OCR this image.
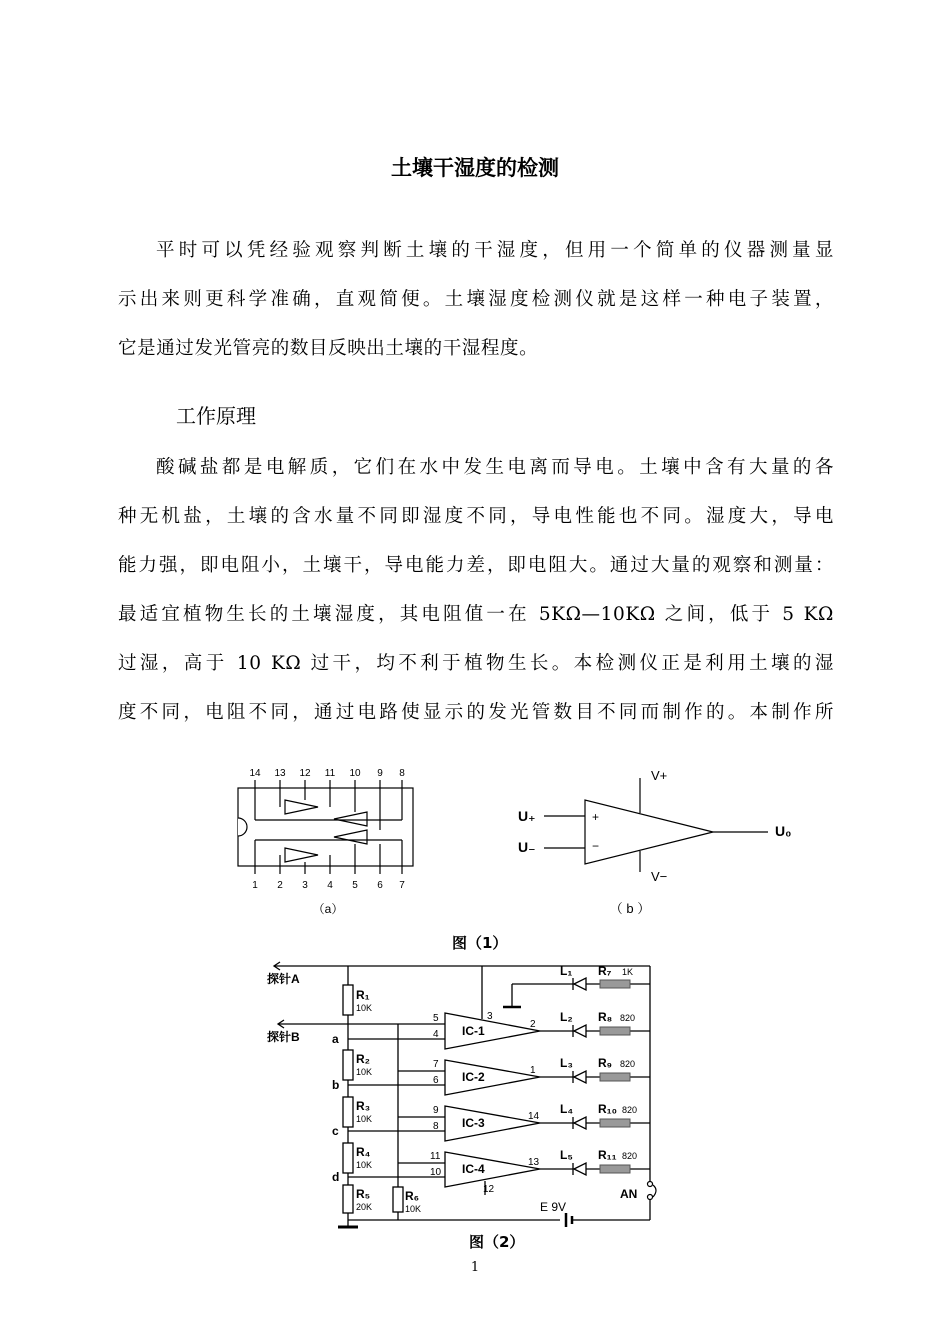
土壤干湿度的检测

平时可以凭经验观察判断土壤的干湿度，但用一个简单的仪器测量显

示出来则更科学准确，直观简便。土壤湿度检测仪就是这样一种电子装置，

它是通过发光管亮的数目反映出土壤的干湿程度。

工作原理

酸碱盐都是电解质，它们在水中发生电离而导电。土壤中含有大量的各

种无机盐，土壤的含水量不同即湿度不同，导电性能也不同。湿度大，导电

能力强，即电阻小，土壤干，导电能力差，即电阻大。通过大量的观察和测量：

最适宜植物生长的土壤湿度，其电阻值一在 5KΩ—10KΩ 之间，低于 5 KΩ

过湿，高于 10 KΩ 过干，均不利于植物生长。本检测仪正是利用土壤的湿

度不同，电阻不同，通过电路使显示的发光管数目不同而制作的。本制作所

14 13 12 11 10 9 8
1 2 3 4 5 6 7
（a）
V+
V−
U₊
U₋
U₀
+
−
（ b ）
图（1）
探针A
探针B
R₁
R₂
R₃
R₄
R₅	R₆
a
b
c
d
IC-1
IC-2
IC-3
IC-4
L₁
L₂
L₃
L₄
L₅
R₇
R₈
R₉
R₁₀
R₁₁
AN
E 9V
10K
10K
10K
10K
20K	10K
1K
820
820
820
820
5
4
2
3
7
6
1
9
8
14
11
10
13
12
图（2）
1
